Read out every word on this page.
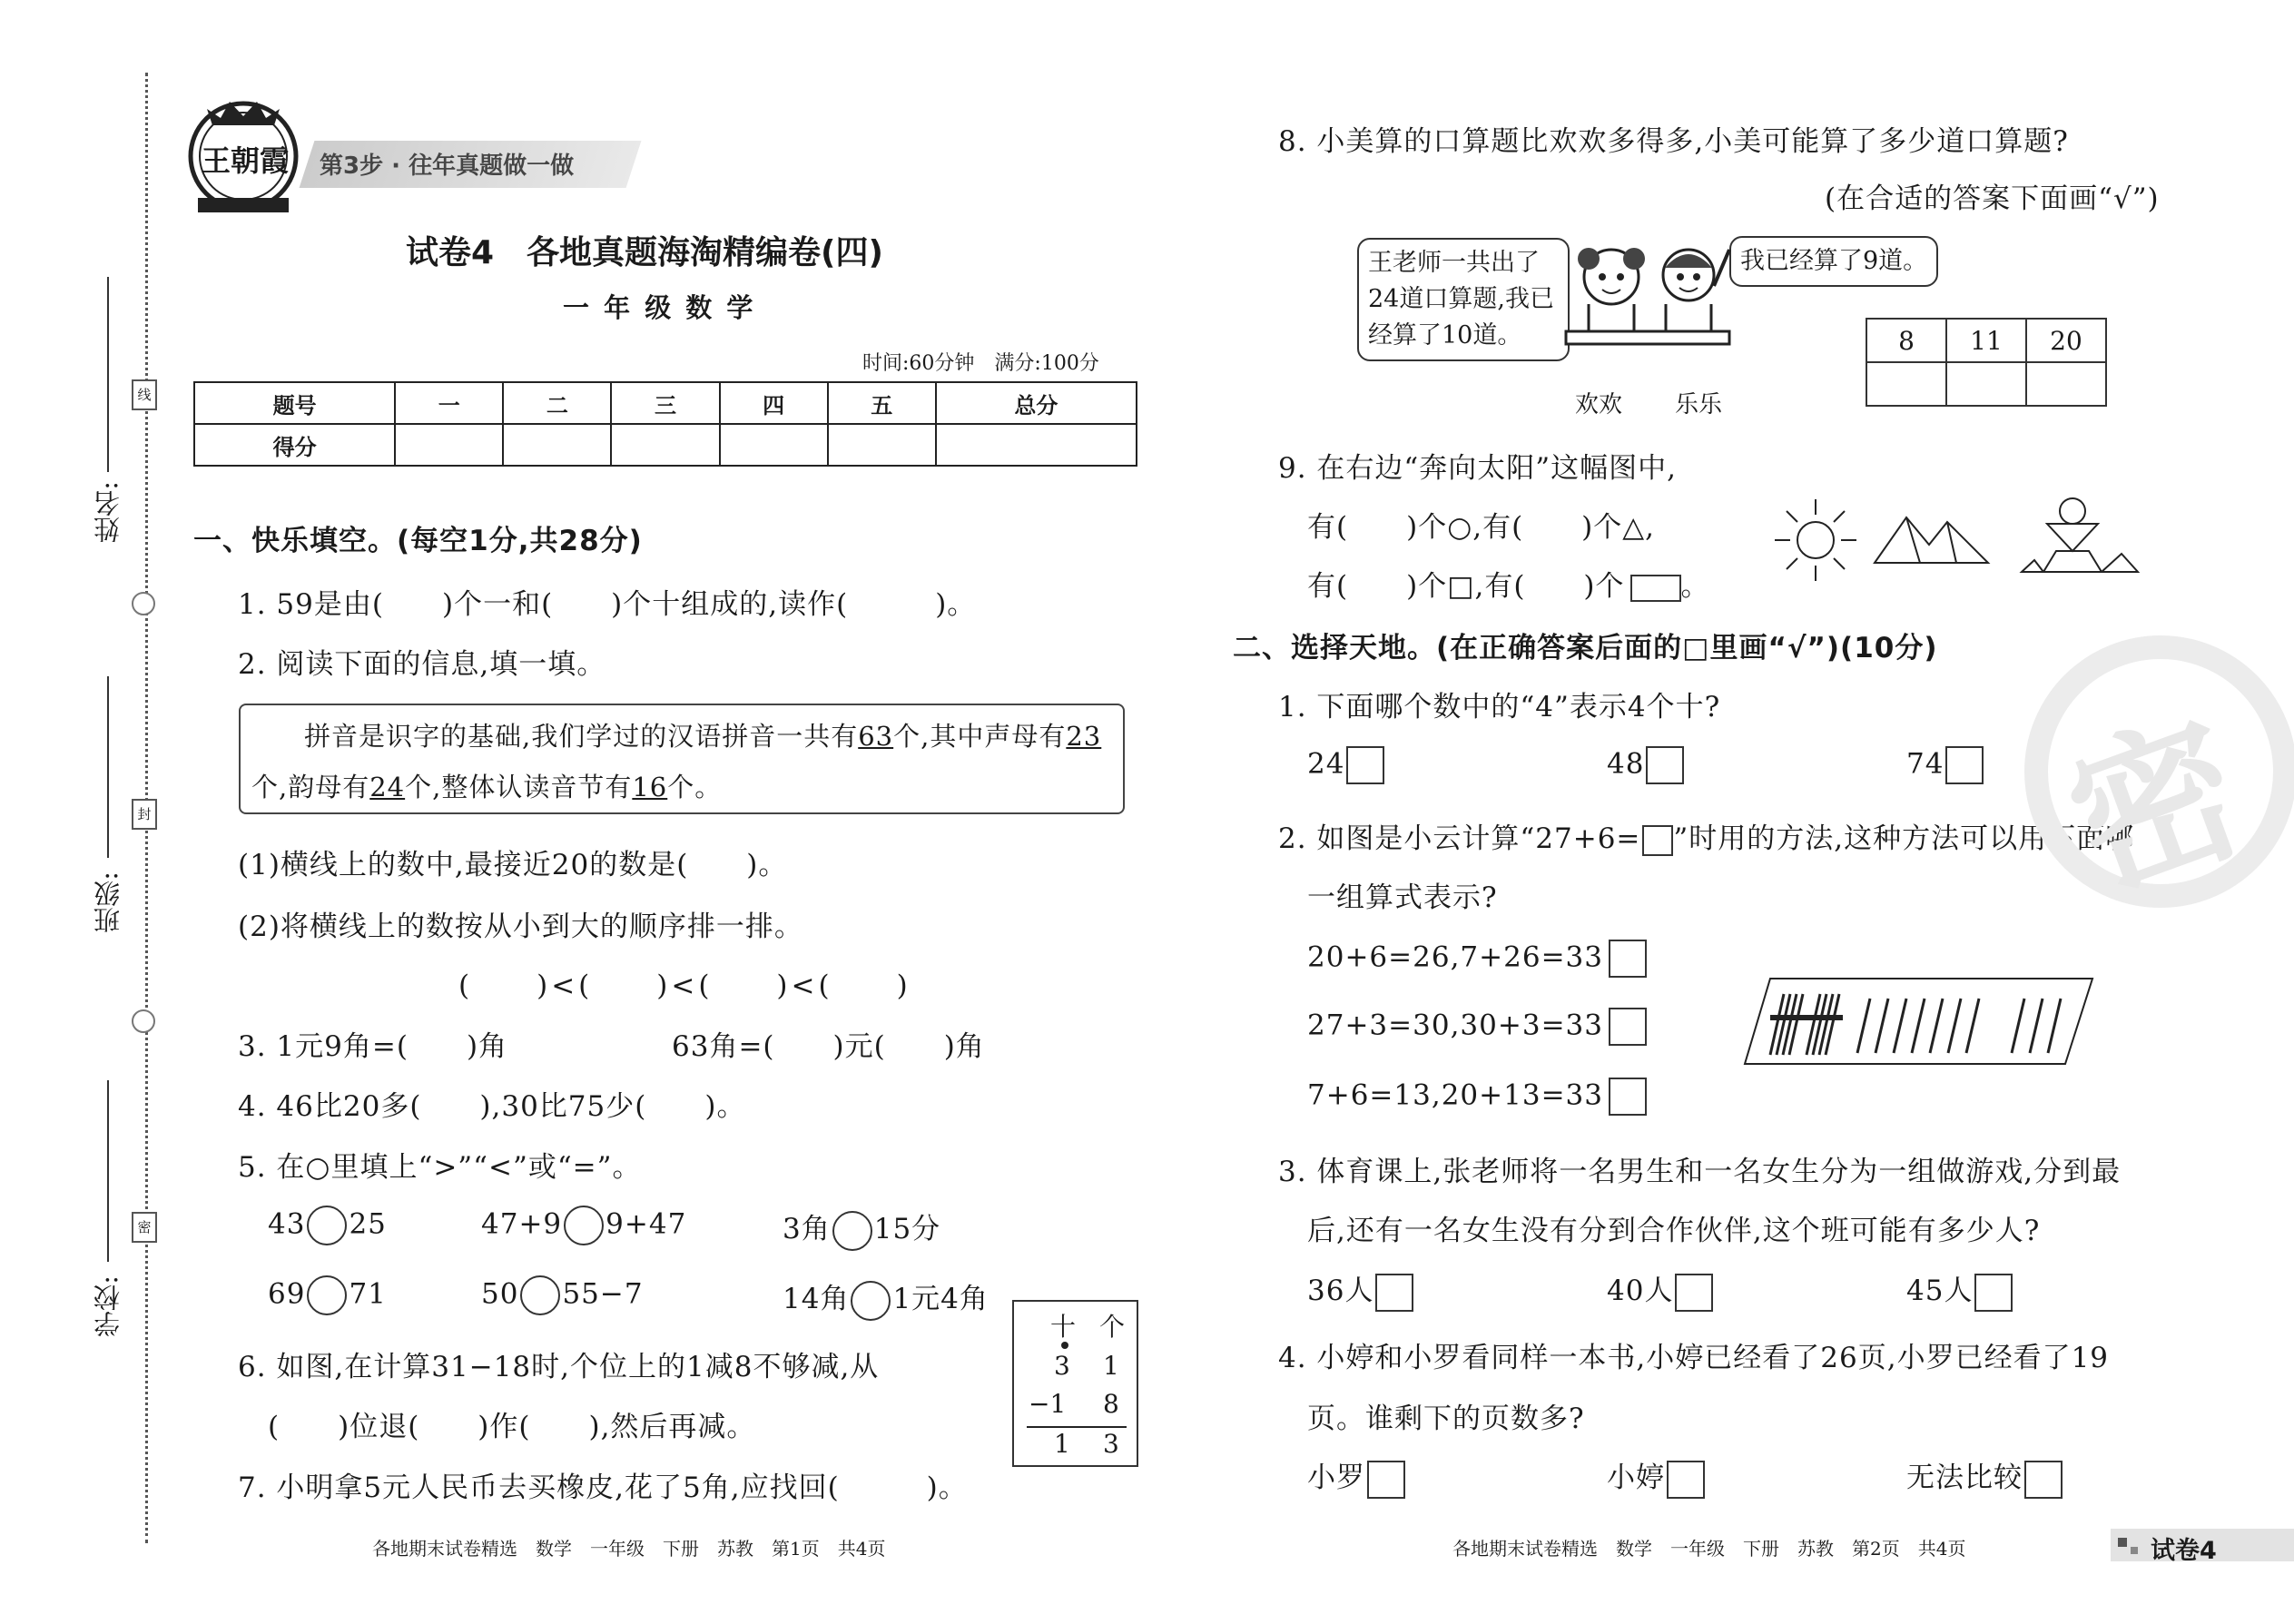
姓名:
班级:
学校:
线
封
密
王朝霞 第3步 · 往年真题做一做
试卷4　各地真题海淘精编卷(四)
一 年 级 数 学
时间:60分钟　满分:100分
题号	一	二	三	四	五	总分
得分						
一、快乐填空。(每空1分,共28分)
1. 59是由(　　)个一和(　　)个十组成的,读作(　　　)。
2. 阅读下面的信息,填一填。
拼音是识字的基础,我们学过的汉语拼音一共有63个,其中声母有23
个,韵母有24个,整体认读音节有16个。
(1)横线上的数中,最接近20的数是(　　)。
(2)将横线上的数按从小到大的顺序排一排。
(　　)<(　　)<(　　)<(　　)
3. 1元9角=(　　)角	63角=(　　)元(　　)角
4. 46比20多(　　),30比75少(　　)。
5. 在○里填上“>”“<”或“=”。
43 25	47+9 9+47	3角 15分
69 71	50 55−7	14角 1元4角
6. 如图,在计算31−18时,个位上的1减8不够减,从
(　　)位退(　　)作(　　),然后再减。
十 个
3 1
−1 8
1 3
7. 小明拿5元人民币去买橡皮,花了5角,应找回(　　　)。
各地期末试卷精选　数学　一年级　下册　苏教　第1页　共4页
8. 小美算的口算题比欢欢多得多,小美可能算了多少道口算题?
(在合适的答案下面画“√”)
王老师一共出了24道口算题,我已经算了10道。
我已经算了9道。
欢欢 乐乐
8	11	20

9. 在右边“奔向太阳”这幅图中,
有(　　)个○,有(　　)个△,
有(　　)个□,有(　　)个 。
二、选择天地。(在正确答案后面的□里画“√”)(10分)
1. 下面哪个数中的“4”表示4个十?
24	48	74
2. 如图是小云计算“27+6= ”时用的方法,这种方法可以用下面哪
一组算式表示?
20+6=26,7+26=33
27+3=30,30+3=33
7+6=13,20+13=33
3. 体育课上,张老师将一名男生和一名女生分为一组做游戏,分到最
后,还有一名女生没有分到合作伙伴,这个班可能有多少人?
36人	40人	45人
4. 小婷和小罗看同样一本书,小婷已经看了26页,小罗已经看了19
页。谁剩下的页数多?
小罗	小婷	无法比较
各地期末试卷精选　数学　一年级　下册　苏教　第2页　共4页	试卷4
密
